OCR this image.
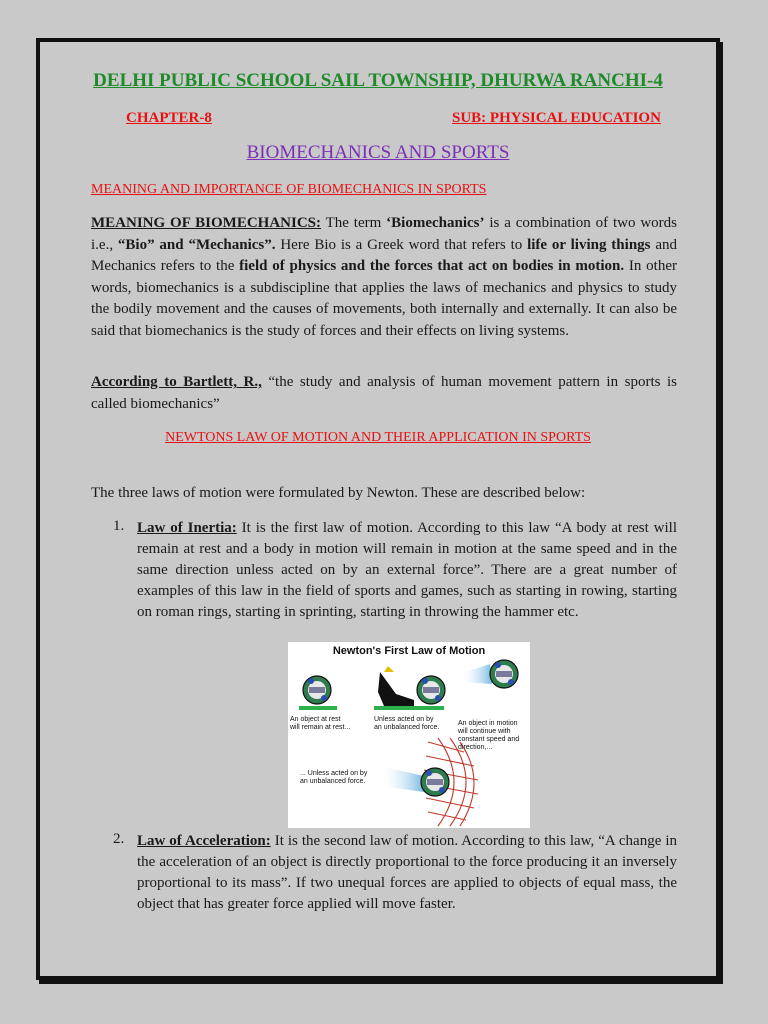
DELHI PUBLIC SCHOOL SAIL TOWNSHIP, DHURWA RANCHI-4
CHAPTER-8	SUB: PHYSICAL EDUCATION
BIOMECHANICS AND SPORTS
MEANING AND IMPORTANCE OF BIOMECHANICS IN SPORTS

MEANING OF BIOMECHANICS: The term ‘Biomechanics’ is a combination of two words i.e., “Bio” and “Mechanics”. Here Bio is a Greek word that refers to life or living things and Mechanics refers to the field of physics and the forces that act on bodies in motion. In other words, biomechanics is a subdiscipline that applies the laws of mechanics and physics to study the bodily movement and the causes of movements, both internally and externally. It can also be said that biomechanics is the study of forces and their effects on living systems.

According to Bartlett, R., “the study and analysis of human movement pattern in sports is called biomechanics”

NEWTONS LAW OF MOTION AND THEIR APPLICATION IN SPORTS
The three laws of motion were formulated by Newton. These are described below:
1. Law of Inertia: It is the first law of motion. According to this law “A body at rest will remain at rest and a body in motion will remain in motion at the same speed and in the same direction unless acted on by an external force”. There are a great number of examples of this law in the field of sports and games, such as starting in rowing, starting on roman rings, starting in sprinting, starting in throwing the hammer etc.

Newton's First Law of Motion
An object at rest
will remain at rest...
Unless acted on by
an unbalanced force.
An object in motion
will continue with
constant speed and
direction,...
... Unless acted on by
an unbalanced force.
2. Law of Acceleration: It is the second law of motion. According to this law, “A change in the acceleration of an object is directly proportional to the force producing it an inversely proportional to its mass”. If two unequal forces are applied to objects of equal mass, the object that has greater force applied will move faster.
